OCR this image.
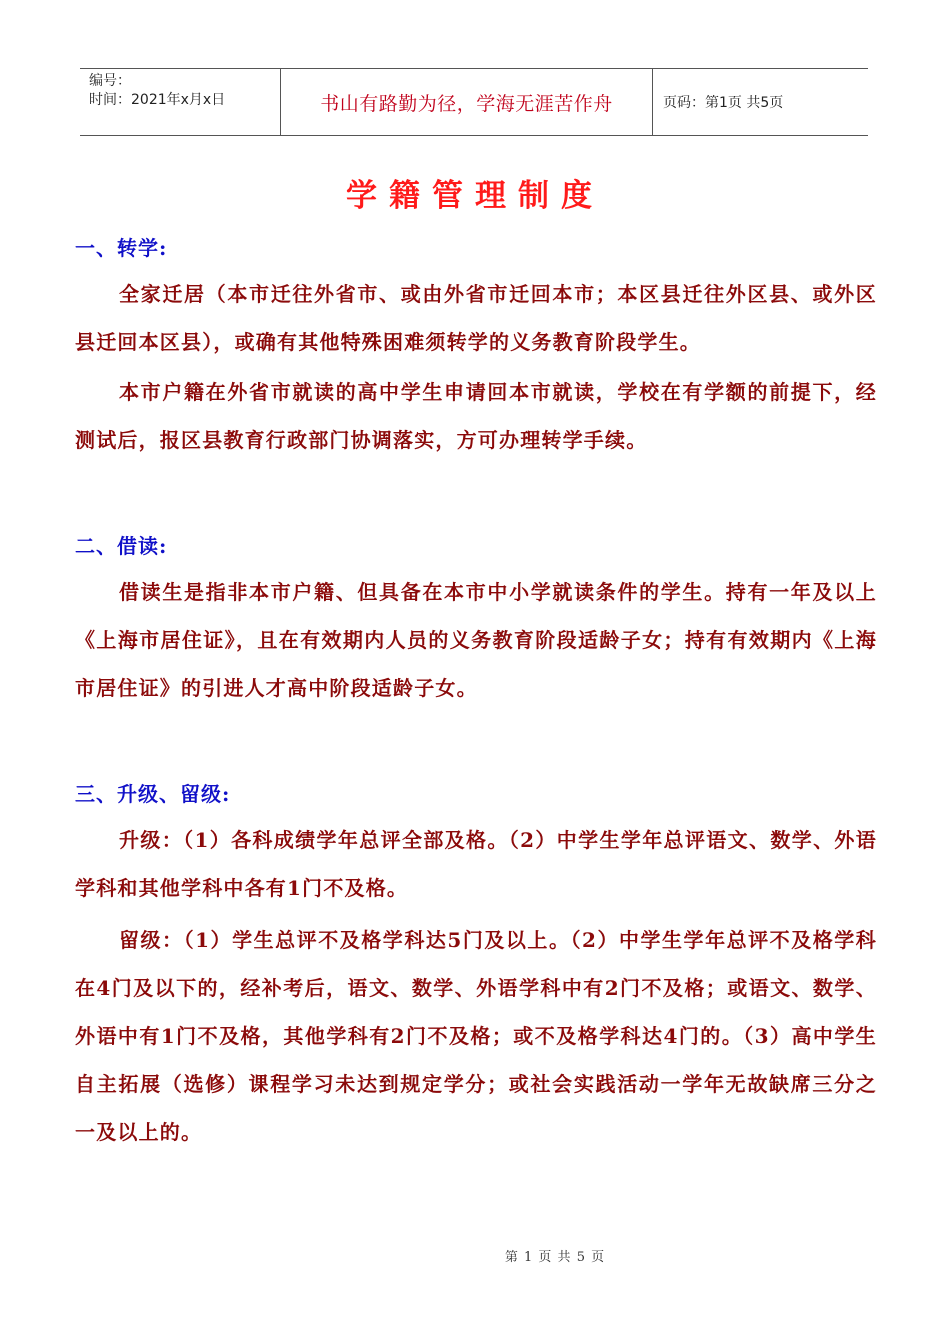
编号：
时间：2021年x月x日	书山有路勤为径，学海无涯苦作舟	页码：第1页 共5页
学籍管理制度
一、转学:
全家迁居（本市迁往外省市、或由外省市迁回本市；本区县迁往外区县、或外区县迁回本区县），或确有其他特殊困难须转学的义务教育阶段学生。
本市户籍在外省市就读的高中学生申请回本市就读，学校在有学额的前提下，经测试后，报区县教育行政部门协调落实，方可办理转学手续。
二、借读:
借读生是指非本市户籍、但具备在本市中小学就读条件的学生。持有一年及以上《上海市居住证》，且在有效期内人员的义务教育阶段适龄子女；持有有效期内《上海市居住证》的引进人才高中阶段适龄子女。
三、升级、留级:
升级：（1）各科成绩学年总评全部及格。（2）中学生学年总评语文、数学、外语学科和其他学科中各有1门不及格。
留级：（1）学生总评不及格学科达5门及以上。（2）中学生学年总评不及格学科在4门及以下的，经补考后，语文、数学、外语学科中有2门不及格；或语文、数学、外语中有1门不及格，其他学科有2门不及格；或不及格学科达4门的。（3）高中学生自主拓展（选修）课程学习未达到规定学分；或社会实践活动一学年无故缺席三分之一及以上的。
第 1 页 共 5 页
